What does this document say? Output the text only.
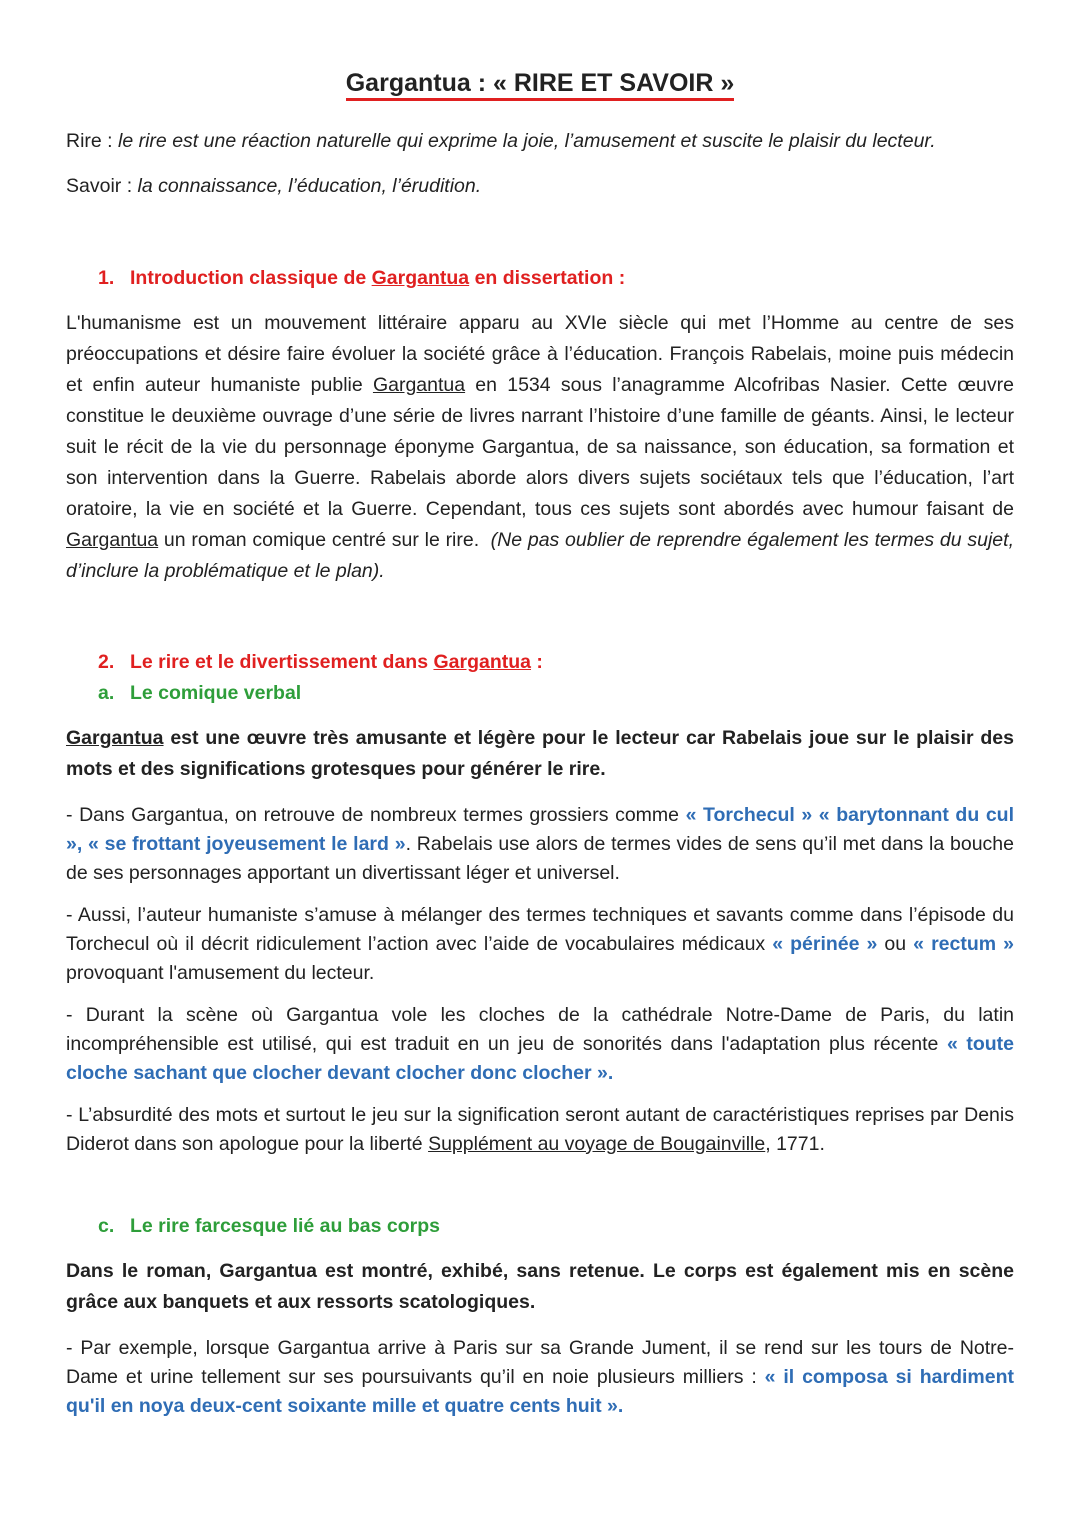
Gargantua : « RIRE ET SAVOIR »

Rire : le rire est une réaction naturelle qui exprime la joie, l’amusement et suscite le plaisir du lecteur.

Savoir : la connaissance, l’éducation, l’érudition.

1. Introduction classique de Gargantua en dissertation :

L'humanisme est un mouvement littéraire apparu au XVIe siècle qui met l’Homme au centre de ses préoccupations et désire faire évoluer la société grâce à l’éducation. François Rabelais, moine puis médecin et enfin auteur humaniste publie Gargantua en 1534 sous l’anagramme Alcofribas Nasier. Cette œuvre constitue le deuxième ouvrage d’une série de livres narrant l’histoire d’une famille de géants. Ainsi, le lecteur suit le récit de la vie du personnage éponyme Gargantua, de sa naissance, son éducation, sa formation et son intervention dans la Guerre. Rabelais aborde alors divers sujets sociétaux tels que l’éducation, l’art oratoire, la vie en société et la Guerre. Cependant, tous ces sujets sont abordés avec humour faisant de Gargantua un roman comique centré sur le rire. (Ne pas oublier de reprendre également les termes du sujet, d’inclure la problématique et le plan).

2. Le rire et le divertissement dans Gargantua :

a. Le comique verbal

Gargantua est une œuvre très amusante et légère pour le lecteur car Rabelais joue sur le plaisir des mots et des significations grotesques pour générer le rire.

- Dans Gargantua, on retrouve de nombreux termes grossiers comme « Torchecul » « barytonnant du cul », « se frottant joyeusement le lard ». Rabelais use alors de termes vides de sens qu’il met dans la bouche de ses personnages apportant un divertissant léger et universel.

- Aussi, l’auteur humaniste s’amuse à mélanger des termes techniques et savants comme dans l’épisode du Torchecul où il décrit ridiculement l’action avec l’aide de vocabulaires médicaux « périnée » ou « rectum » provoquant l'amusement du lecteur.

- Durant la scène où Gargantua vole les cloches de la cathédrale Notre-Dame de Paris, du latin incompréhensible est utilisé, qui est traduit en un jeu de sonorités dans l'adaptation plus récente « toute cloche sachant que clocher devant clocher donc clocher ».

- L’absurdité des mots et surtout le jeu sur la signification seront autant de caractéristiques reprises par Denis Diderot dans son apologue pour la liberté Supplément au voyage de Bougainville, 1771.

c. Le rire farcesque lié au bas corps

Dans le roman, Gargantua est montré, exhibé, sans retenue. Le corps est également mis en scène grâce aux banquets et aux ressorts scatologiques.

- Par exemple, lorsque Gargantua arrive à Paris sur sa Grande Jument, il se rend sur les tours de Notre-Dame et urine tellement sur ses poursuivants qu’il en noie plusieurs milliers : « il composa si hardiment qu'il en noya deux-cent soixante mille et quatre cents huit ».
